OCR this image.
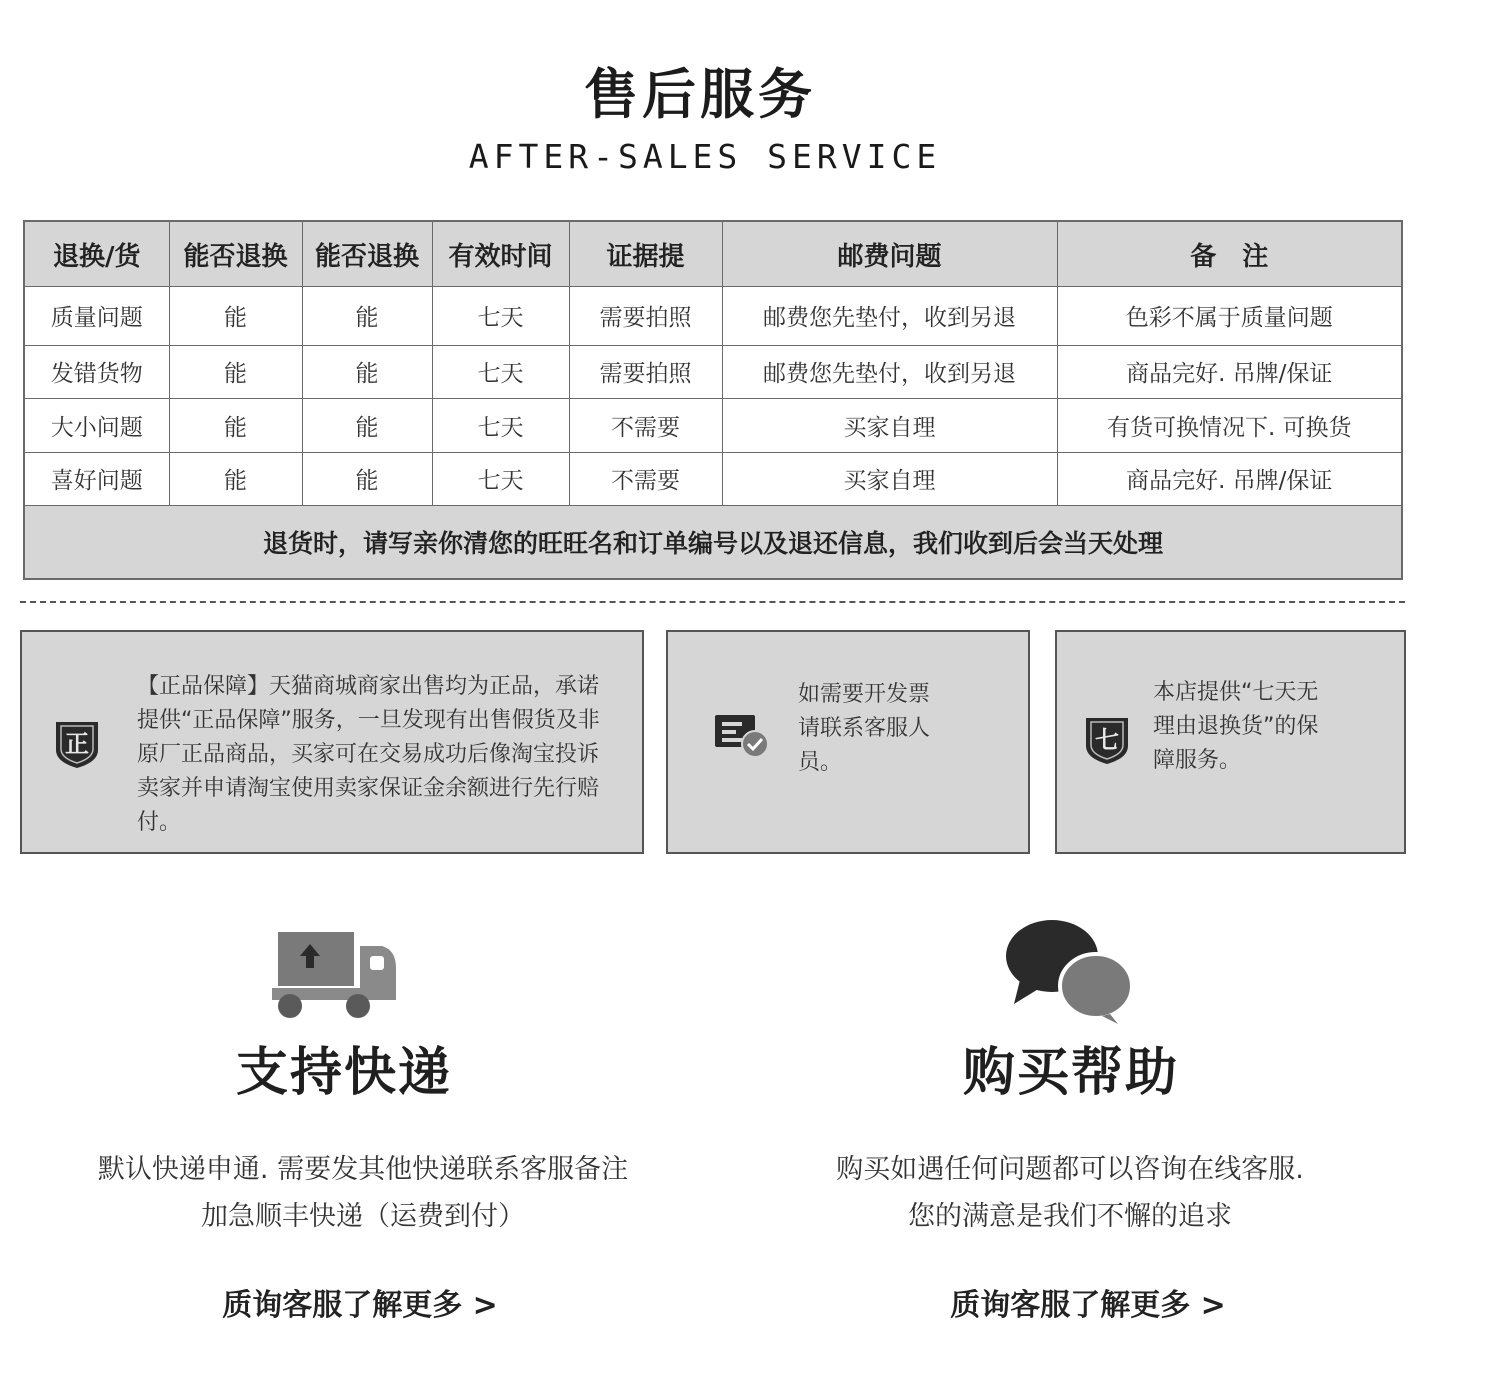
售后服务
AFTER-SALES SERVICE
退换/货	能否退换	能否退换	有效时间	证据提	邮费问题	备　注
质量问题	能	能	七天	需要拍照	邮费您先垫付，收到另退	色彩不属于质量问题
发错货物	能	能	七天	需要拍照	邮费您先垫付，收到另退	商品完好. 吊牌/保证
大小问题	能	能	七天	不需要	买家自理	有货可换情况下. 可换货
喜好问题	能	能	七天	不需要	买家自理	商品完好. 吊牌/保证
退货时，请写亲你清您的旺旺名和订单编号以及退还信息，我们收到后会当天处理						
正
【正品保障】天猫商城商家出售均为正品，承诺
提供“正品保障”服务，一旦发现有出售假货及非
原厂正品商品，买家可在交易成功后像淘宝投诉
卖家并申请淘宝使用卖家保证金余额进行先行赔
付。
如需要开发票
请联系客服人
员。
七
本店提供“七天无
理由退换货”的保
障服务。
支持快递
默认快递申通. 需要发其他快递联系客服备注
加急顺丰快递（运费到付）
质询客服了解更多 >
购买帮助
购买如遇任何问题都可以咨询在线客服.
您的满意是我们不懈的追求
质询客服了解更多 >
